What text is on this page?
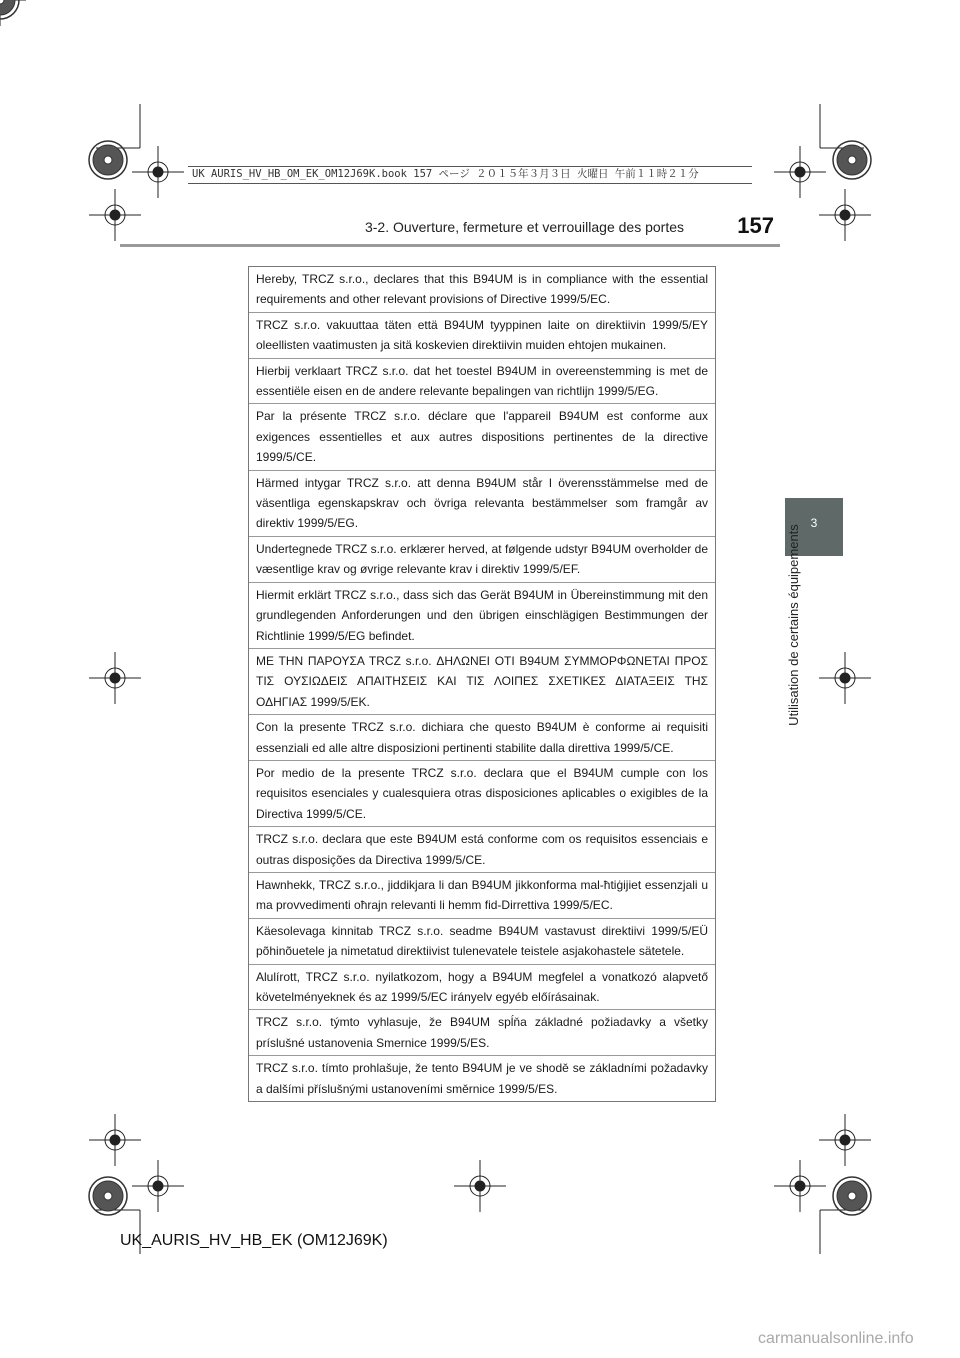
UK AURIS_HV_HB_OM_EK_OM12J69K.book 157 ページ ２０１５年３月３日 火曜日 午前１１時２１分
3-2. Ouverture, fermeture et verrouillage des portes	157
3
Utilisation de certains équipements
Hereby, TRCZ s.r.o., declares that this B94UM is in compliance with the essential requirements and other relevant provisions of Directive 1999/5/EC.
TRCZ s.r.o. vakuuttaa täten että B94UM tyyppinen laite on direktiivin 1999/5/EY oleellisten vaatimusten ja sitä koskevien direktiivin muiden ehtojen mukainen.
Hierbij verklaart TRCZ s.r.o. dat het toestel B94UM in overeenstemming is met de essentiële eisen en de andere relevante bepalingen van richtlijn 1999/5/EG.
Par la présente TRCZ s.r.o. déclare que l'appareil B94UM est conforme aux exigences essentielles et aux autres dispositions pertinentes de la directive 1999/5/CE.
Härmed intygar TRCZ s.r.o. att denna B94UM står I överensstämmelse med de väsentliga egenskapskrav och övriga relevanta bestämmelser som framgår av direktiv 1999/5/EG.
Undertegnede TRCZ s.r.o. erklærer herved, at følgende udstyr B94UM overholder de væsentlige krav og øvrige relevante krav i direktiv 1999/5/EF.
Hiermit erklärt TRCZ s.r.o., dass sich das Gerät B94UM in Übereinstimmung mit den grundlegenden Anforderungen und den übrigen einschlägigen Bestimmungen der Richtlinie 1999/5/EG befindet.
ΜΕ ΤΗΝ ΠΑΡΟΥΣΑ TRCZ s.r.o. ΔΗΛΩΝΕΙ ΟΤΙ B94UM ΣΥΜΜΟΡΦΩΝΕΤΑΙ ΠΡΟΣ ΤΙΣ ΟΥΣΙΩΔΕΙΣ ΑΠΑΙΤΗΣΕΙΣ ΚΑΙ ΤΙΣ ΛΟΙΠΕΣ ΣΧΕΤΙΚΕΣ ΔΙΑΤΑΞΕΙΣ ΤΗΣ ΟΔΗΓΙΑΣ 1999/5/ΕΚ.
Con la presente TRCZ s.r.o. dichiara che questo B94UM è conforme ai requisiti essenziali ed alle altre disposizioni pertinenti stabilite dalla direttiva 1999/5/CE.
Por medio de la presente TRCZ s.r.o. declara que el B94UM cumple con los requisitos esenciales y cualesquiera otras disposiciones aplicables o exigibles de la Directiva 1999/5/CE.
TRCZ s.r.o. declara que este B94UM está conforme com os requisitos essenciais e outras disposições da Directiva 1999/5/CE.
Hawnhekk, TRCZ s.r.o., jiddikjara li dan B94UM jikkonforma mal-ħtiġijiet essenzjali u ma provvedimenti oħrajn relevanti li hemm fid-Dirrettiva 1999/5/EC.
Käesolevaga kinnitab TRCZ s.r.o. seadme B94UM vastavust direktiivi 1999/5/EÜ põhinõuetele ja nimetatud direktiivist tulenevatele teistele asjakohastele sätetele.
Alulírott, TRCZ s.r.o. nyilatkozom, hogy a B94UM megfelel a vonatkozó alapvető követelményeknek és az 1999/5/EC irányelv egyéb előírásainak.
TRCZ s.r.o. týmto vyhlasuje, že B94UM spĺňa základné požiadavky a všetky príslušné ustanovenia Smernice 1999/5/ES.
TRCZ s.r.o. tímto prohlašuje, že tento B94UM je ve shodě se základními požadavky a dalšími příslušnými ustanoveními směrnice 1999/5/ES.
UK_AURIS_HV_HB_EK (OM12J69K)
carmanualsonline.info
